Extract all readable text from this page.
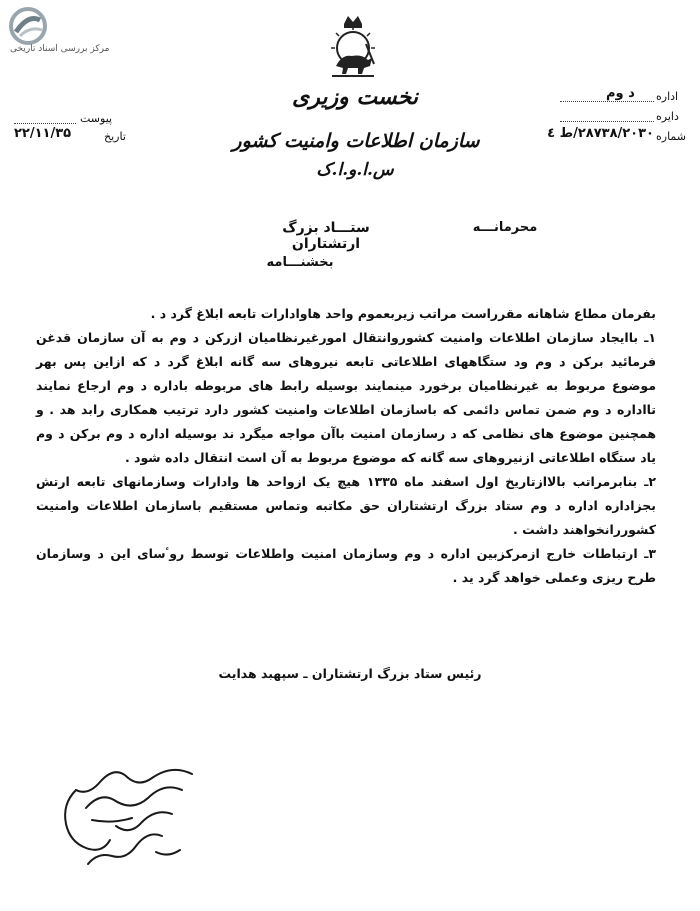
مرکز بررسی اسناد تاریخی
نخست وزیری
سازمان اطلاعات وامنیت کشور
س.ا.و.ا.ک
اداره
د وم
دایره
شماره
۲۸۷۳۸/۲۰۳۰/ط ٤
پیوست
تاریخ
۲۲/۱۱/۳۵
ستـــاد بزرگ ارتشتاران
محرمانـــه
بخشنـــامه

بفرمان مطاع شاهانه مقرراست مراتب زیربعموم واحد هاوادارات تابعه ابلاغ گرد د .

۱ـ باایجاد سازمان اطلاعات وامنیت کشوروانتقال امورغیرنظامیان ازرکن د وم به آن سازمان قدغن فرمائید برکن د وم ود ستگاههای اطلاعاتی تابعه نیروهای سه گانه ابلاغ گرد د که ازاین پس بهر موضوع مربوط به غیرنظامیان برخورد مینمایند بوسیله رابط های مربوطه باداره د وم ارجاع نمایند تااداره د وم ضمن تماس دائمی که باسازمان اطلاعات وامنیت کشور دارد ترتیب همکاری رابد هد . و همچنین موضوع های نظامی که د رسازمان امنیت باآن مواجه میگرد ند بوسیله اداره د وم برکن د وم یاد ستگاه اطلاعاتی ازنیروهای سه گانه که موضوع مربوط به آن است انتقال داده شود .

۲ـ بنابرمراتب بالاازتاریخ اول اسفند ماه ۱۳۳۵ هیچ یک ازواحد ها وادارات وسازمانهای تابعه ارتش بجزاداره اداره د وم ستاد بزرگ ارتشتاران حق مکاتبه وتماس مستقیم باسازمان اطلاعات وامنیت کشوررانخواهند داشت .

۳ـ ارتباطات خارج ازمرکزبین اداره د وم وسازمان امنیت واطلاعات توسط روٴسای این د وسازمان طرح ریزی وعملی خواهد گرد ید .

رئیس ستاد بزرگ ارتشتاران ـ سپهبد هدایت
